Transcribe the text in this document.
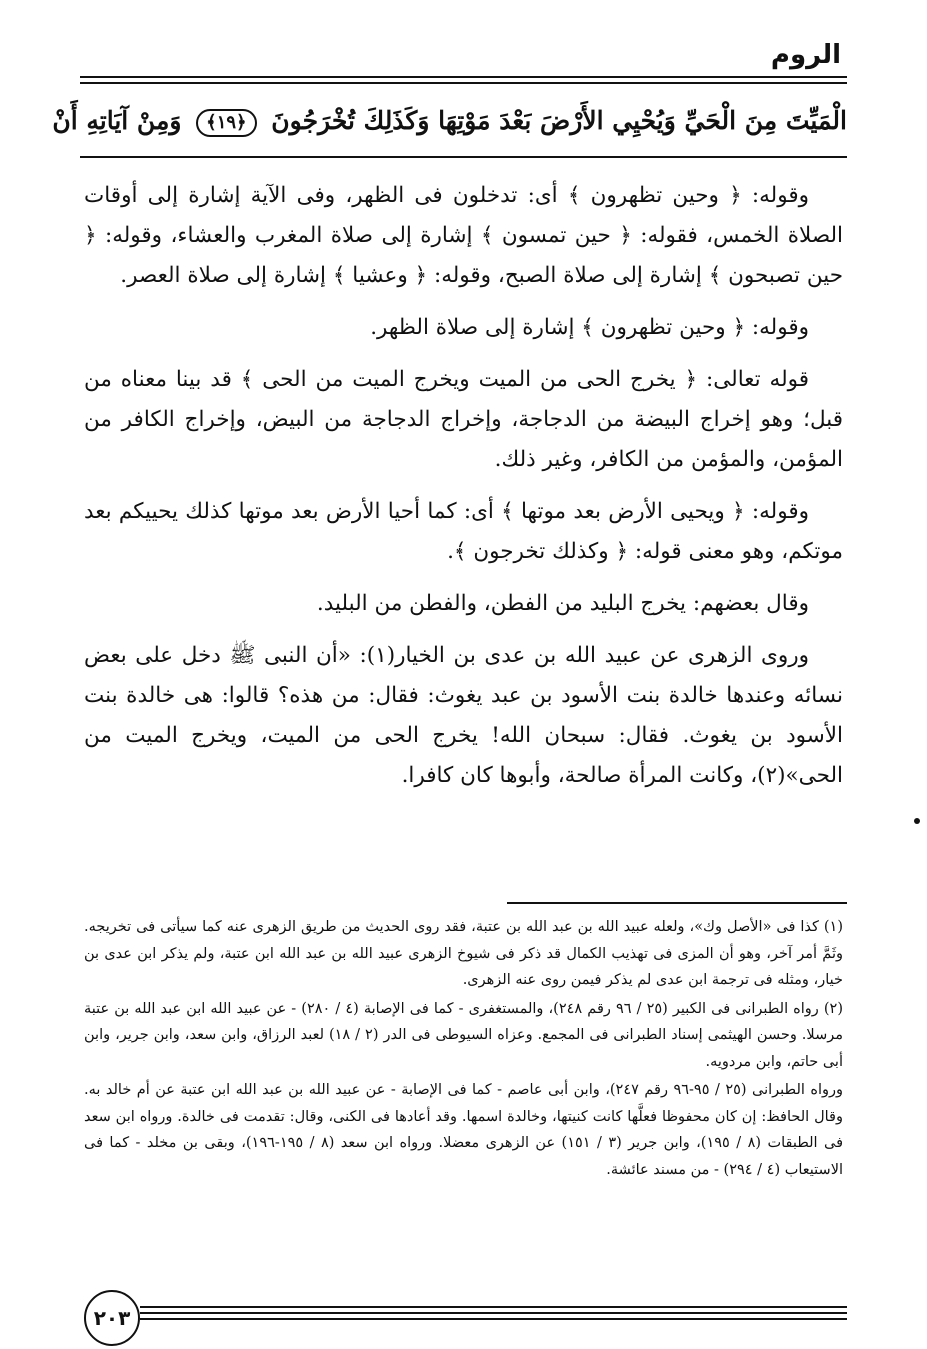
الروم
الْمَيِّتَ مِنَ الْحَيِّ وَيُحْيِي الأَرْضَ بَعْدَ مَوْتِهَا وَكَذَلِكَ تُخْرَجُونَ ﴿١٩﴾ وَمِنْ آيَاتِهِ أَنْ

وقوله: ﴿ وحين تظهرون ﴾ أى: تدخلون فى الظهر، وفى الآية إشارة إلى أوقات الصلاة الخمس، فقوله: ﴿ حين تمسون ﴾ إشارة إلى صلاة المغرب والعشاء، وقوله: ﴿ حين تصبحون ﴾ إشارة إلى صلاة الصبح، وقوله: ﴿ وعشيا ﴾ إشارة إلى صلاة العصر.

وقوله: ﴿ وحين تظهرون ﴾ إشارة إلى صلاة الظهر.

قوله تعالى: ﴿ يخرج الحى من الميت ويخرج الميت من الحى ﴾ قد بينا معناه من قبل؛ وهو إخراج البيضة من الدجاجة، وإخراج الدجاجة من البيض، وإخراج الكافر من المؤمن، والمؤمن من الكافر، وغير ذلك.

وقوله: ﴿ ويحيى الأرض بعد موتها ﴾ أى: كما أحيا الأرض بعد موتها كذلك يحييكم بعد موتكم، وهو معنى قوله: ﴿ وكذلك تخرجون ﴾.

وقال بعضهم: يخرج البليد من الفطن، والفطن من البليد.

وروى الزهرى عن عبيد الله بن عدى بن الخيار(١): «أن النبى ﷺ دخل على بعض نسائه وعندها خالدة بنت الأسود بن عبد يغوث: فقال: من هذه؟ قالوا: هى خالدة بنت الأسود بن يغوث. فقال: سبحان الله! يخرج الحى من الميت، ويخرج الميت من الحى»(٢)، وكانت المرأة صالحة، وأبوها كان كافرا.

(١) كذا فى «الأصل وك»، ولعله عبيد الله بن عبد الله بن عتبة، فقد روى الحديث من طريق الزهرى عنه كما سيأتى فى تخريجه. وثَمَّ أمر آخر، وهو أن المزى فى تهذيب الكمال قد ذكر فى شيوخ الزهرى عبيد الله بن عبد الله ابن عتبة، ولم يذكر ابن عدى بن خيار، ومثله فى ترجمة ابن عدى لم يذكر فيمن روى عنه الزهرى.

(٢) رواه الطبرانى فى الكبير (٢٥ / ٩٦ رقم ٢٤٨)، والمستغفرى - كما فى الإصابة (٤ / ٢٨٠) - عن عبيد الله ابن عبد الله بن عتبة مرسلا. وحسن الهيثمى إسناد الطبرانى فى المجمع. وعزاه السيوطى فى الدر (٢ / ١٨) لعبد الرزاق، وابن سعد، وابن جرير، وابن أبى حاتم، وابن مردويه.

ورواه الطبرانى (٢٥ / ٩٥-٩٦ رقم ٢٤٧)، وابن أبى عاصم - كما فى الإصابة - عن عبيد الله بن عبد الله ابن عتبة عن أم خالد به. وقال الحافظ: إن كان محفوظا فعلَّها كانت كنيتها، وخالدة اسمها. وقد أعادها فى الكنى، وقال: تقدمت فى خالدة. ورواه ابن سعد فى الطبقات (٨ / ١٩٥)، وابن جرير (٣ / ١٥١) عن الزهرى معضلا. ورواه ابن سعد (٨ / ١٩٥-١٩٦)، وبقى بن مخلد - كما فى الاستيعاب (٤ / ٢٩٤) - من مسند عائشة.

٢٠٣
